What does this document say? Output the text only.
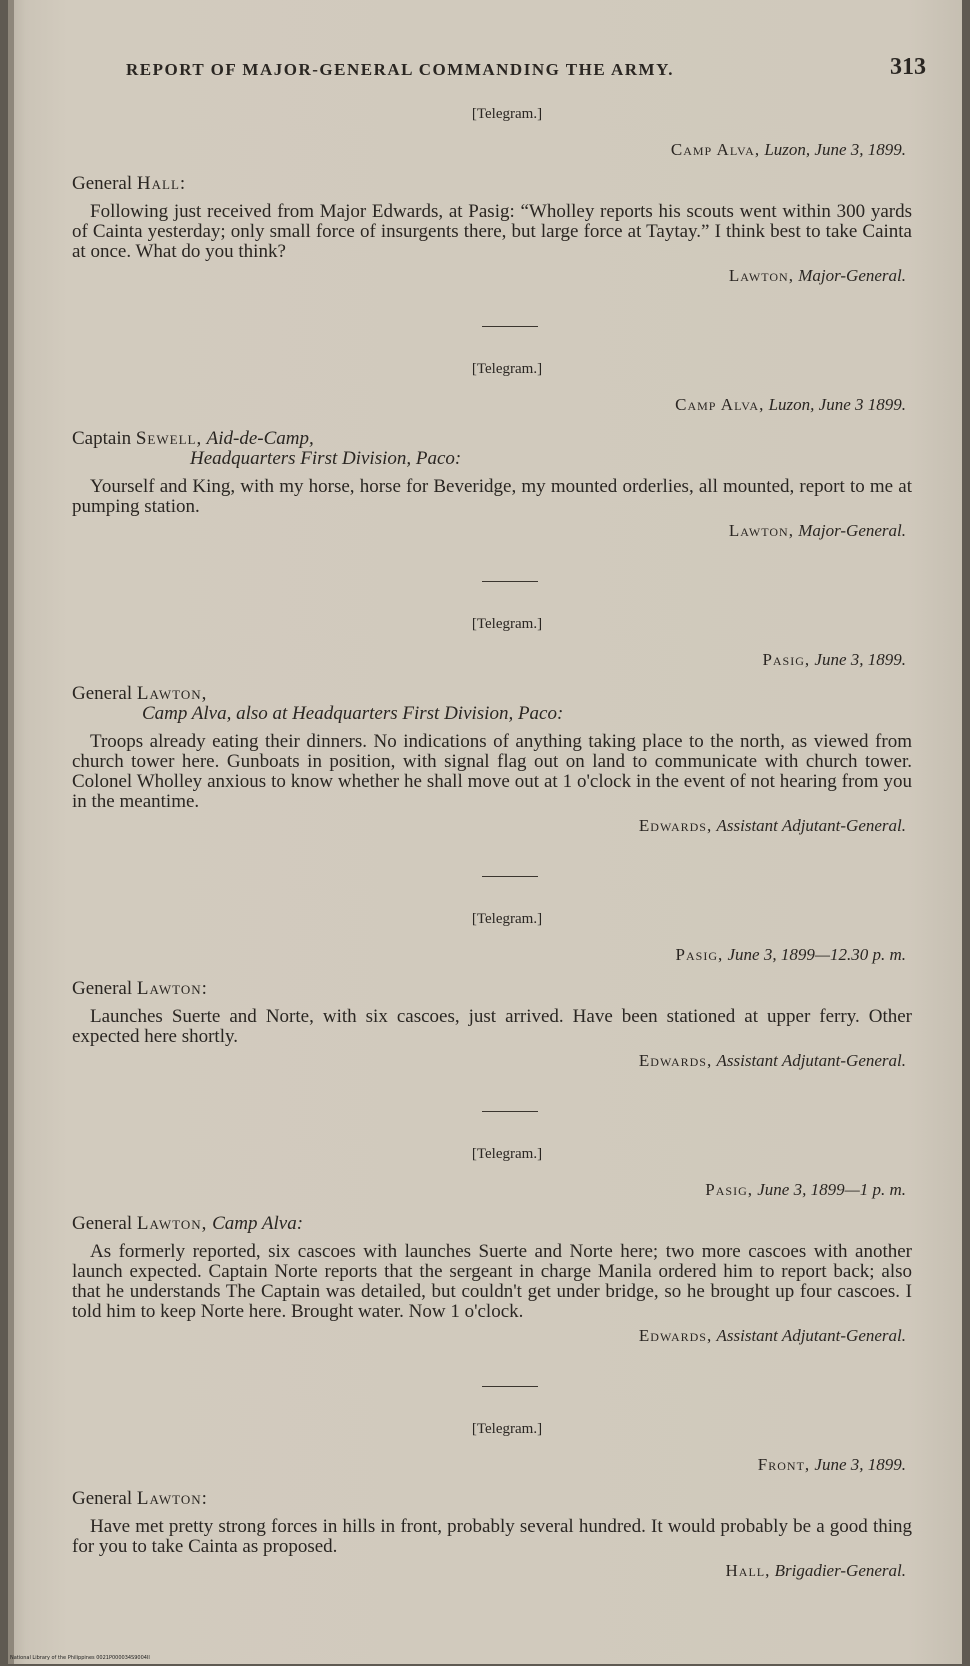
REPORT OF MAJOR-GENERAL COMMANDING THE ARMY.	313
[Telegram.]
Camp Alva, Luzon, June 3, 1899.
General Hall:
Following just received from Major Edwards, at Pasig: “Wholley reports his scouts went within 300 yards of Cainta yesterday; only small force of insurgents there, but large force at Taytay.” I think best to take Cainta at once. What do you think?
Lawton, Major-General.
[Telegram.]
Camp Alva, Luzon, June 3 1899.
Captain Sewell, Aid-de-Camp,
Headquarters First Division, Paco:
Yourself and King, with my horse, horse for Beveridge, my mounted orderlies, all mounted, report to me at pumping station.
Lawton, Major-General.
[Telegram.]
Pasig, June 3, 1899.
General Lawton,
Camp Alva, also at Headquarters First Division, Paco:
Troops already eating their dinners. No indications of anything taking place to the north, as viewed from church tower here. Gunboats in position, with signal flag out on land to communicate with church tower. Colonel Wholley anxious to know whether he shall move out at 1 o'clock in the event of not hearing from you in the meantime.
Edwards, Assistant Adjutant-General.
[Telegram.]
Pasig, June 3, 1899—12.30 p. m.
General Lawton:
Launches Suerte and Norte, with six cascoes, just arrived. Have been stationed at upper ferry. Other expected here shortly.
Edwards, Assistant Adjutant-General.
[Telegram.]
Pasig, June 3, 1899—1 p. m.
General Lawton, Camp Alva:
As formerly reported, six cascoes with launches Suerte and Norte here; two more cascoes with another launch expected. Captain Norte reports that the sergeant in charge Manila ordered him to report back; also that he understands The Captain was detailed, but couldn't get under bridge, so he brought up four cascoes. I told him to keep Norte here. Brought water. Now 1 o'clock.
Edwards, Assistant Adjutant-General.
[Telegram.]
Front, June 3, 1899.
General Lawton:
Have met pretty strong forces in hills in front, probably several hundred. It would probably be a good thing for you to take Cainta as proposed.
Hall, Brigadier-General.
National Library of the Philippines 0021P000034S9004II
